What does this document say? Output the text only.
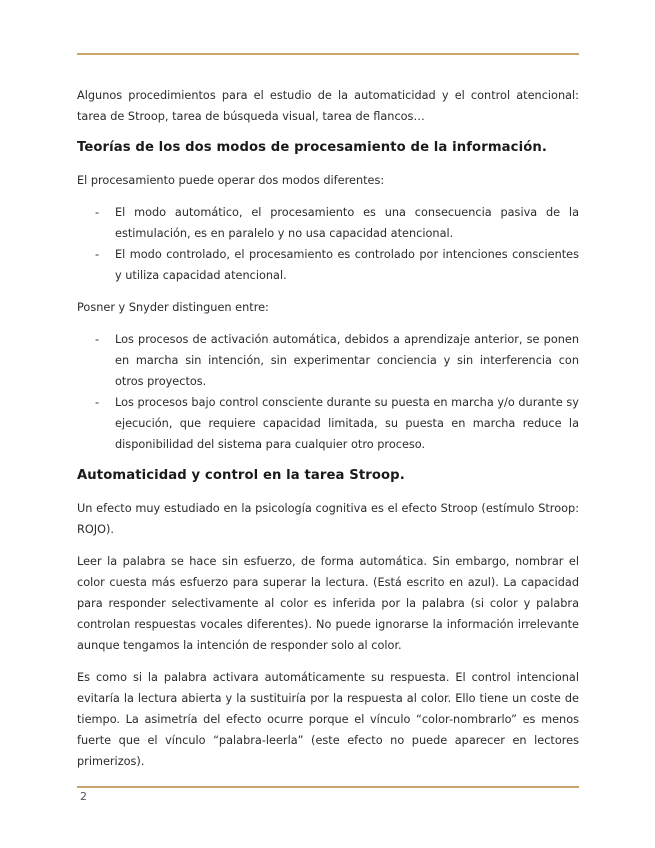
Algunos procedimientos para el estudio de la automaticidad y el control atencional: tarea de Stroop, tarea de búsqueda visual, tarea de flancos…

Teorías de los dos modos de procesamiento de la información.

El procesamiento puede operar dos modos diferentes:

- El modo automático, el procesamiento es una consecuencia pasiva de la estimulación, es en paralelo y no usa capacidad atencional.
- El modo controlado, el procesamiento es controlado por intenciones conscientes y utiliza capacidad atencional.

Posner y Snyder distinguen entre:

- Los procesos de activación automática, debidos a aprendizaje anterior, se ponen en marcha sin intención, sin experimentar conciencia y sin interferencia con otros proyectos.
- Los procesos bajo control consciente durante su puesta en marcha y/o durante sy ejecución, que requiere capacidad limitada, su puesta en marcha reduce la disponibilidad del sistema para cualquier otro proceso.
Automaticidad y control en la tarea Stroop.

Un efecto muy estudiado en la psicología cognitiva es el efecto Stroop (estímulo Stroop: ROJO).

Leer la palabra se hace sin esfuerzo, de forma automática. Sin embargo, nombrar el color cuesta más esfuerzo para superar la lectura. (Está escrito en azul). La capacidad para responder selectivamente al color es inferida por la palabra (si color y palabra controlan respuestas vocales diferentes). No puede ignorarse la información irrelevante aunque tengamos la intención de responder solo al color.

Es como si la palabra activara automáticamente su respuesta. El control intencional evitaría la lectura abierta y la sustituiría por la respuesta al color. Ello tiene un coste de tiempo. La asimetría del efecto ocurre porque el vínculo “color-nombrarlo” es menos fuerte que el vínculo “palabra-leerla” (este efecto no puede aparecer en lectores primerizos).

2
